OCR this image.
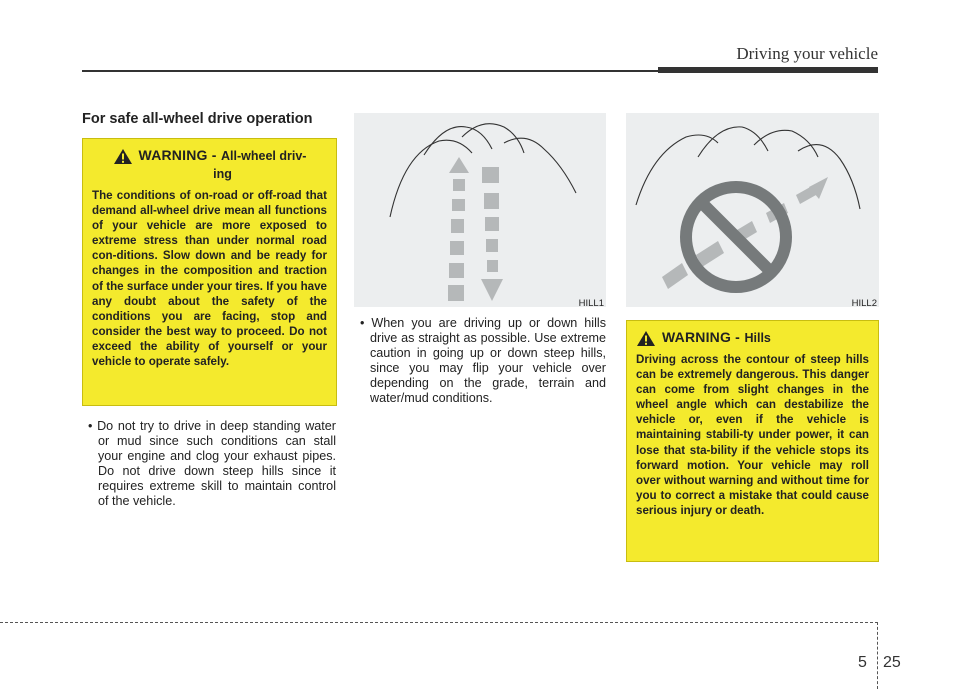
Driving your vehicle
For safe all-wheel drive operation
WARNING - All-wheel driv-
ing
The conditions of on-road or off-road that demand all-wheel drive mean all functions of your vehicle are more exposed to extreme stress than under normal road con-ditions. Slow down and be ready for changes in the composition and traction of the surface under your tires. If you have any doubt about the safety of the conditions you are facing, stop and consider the best way to proceed. Do not exceed the ability of yourself or your vehicle to operate safely.
• Do not try to drive in deep standing water or mud since such conditions can stall your engine and clog your exhaust pipes. Do not drive down steep hills since it requires extreme skill to maintain control of the vehicle.
HILL1
• When you are driving up or down hills drive as straight as possible. Use extreme caution in going up or down steep hills, since you may flip your vehicle over depending on the grade, terrain and water/mud conditions.
HILL2
WARNING - Hills
Driving across the contour of steep hills can be extremely dangerous. This danger can come from slight changes in the wheel angle which can destabilize the vehicle or, even if the vehicle is maintaining stabili-ty under power, it can lose that sta-bility if the vehicle stops its forward motion. Your vehicle may roll over without warning and without time for you to correct a mistake that could cause serious injury or death.
5 25
